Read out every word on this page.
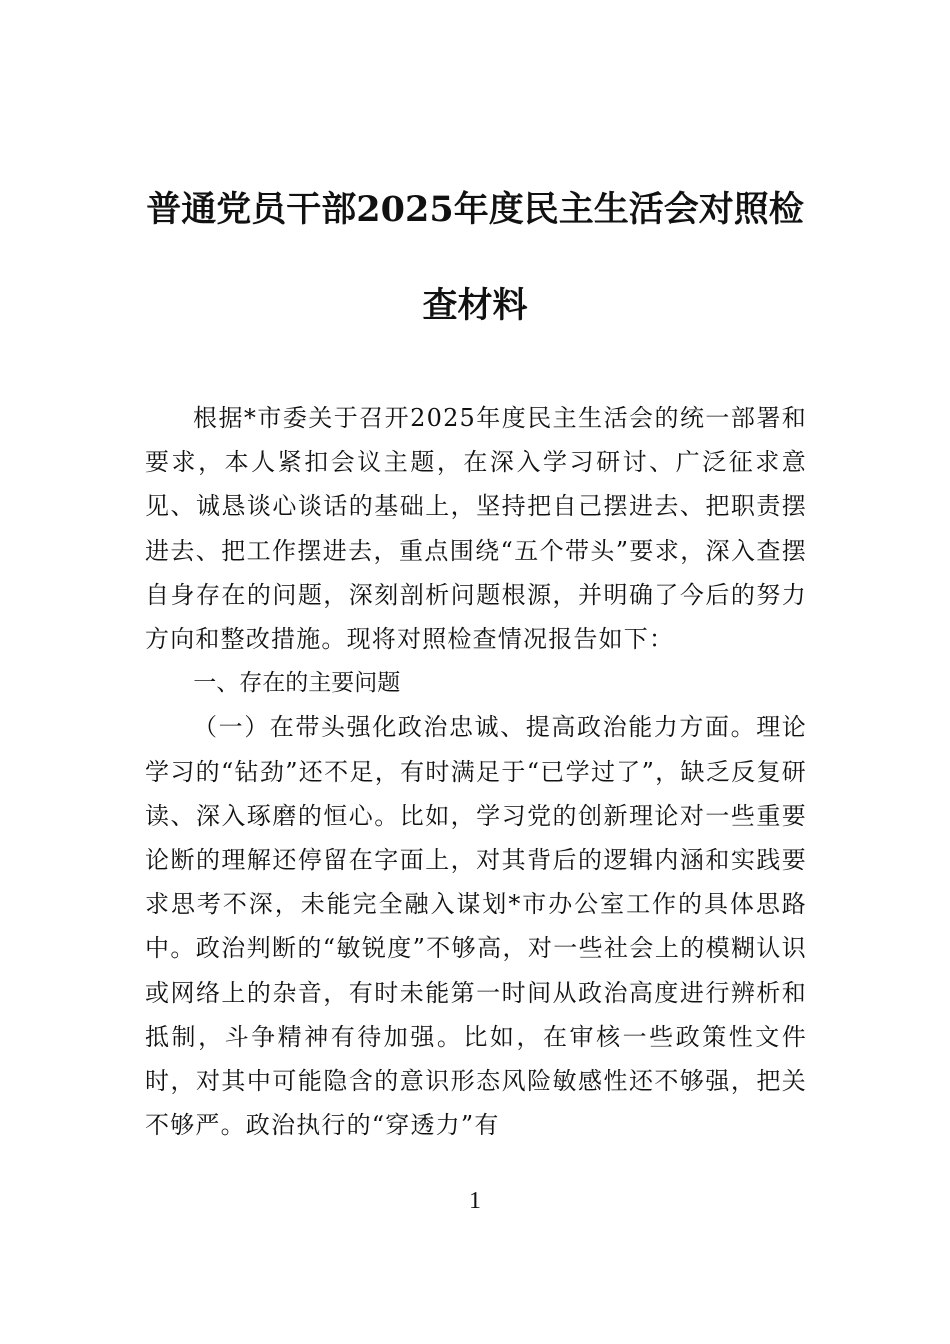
普通党员干部2025年度民主生活会对照检查材料

根据*市委关于召开2025年度民主生活会的统一部署和要求，本人紧扣会议主题，在深入学习研讨、广泛征求意见、诚恳谈心谈话的基础上，坚持把自己摆进去、把职责摆进去、把工作摆进去，重点围绕“五个带头”要求，深入查摆自身存在的问题，深刻剖析问题根源，并明确了今后的努力方向和整改措施。现将对照检查情况报告如下：

一、存在的主要问题

（一）在带头强化政治忠诚、提高政治能力方面。理论学习的“钻劲”还不足，有时满足于“已学过了”，缺乏反复研读、深入琢磨的恒心。比如，学习党的创新理论对一些重要论断的理解还停留在字面上，对其背后的逻辑内涵和实践要求思考不深，未能完全融入谋划*市办公室工作的具体思路中。政治判断的“敏锐度”不够高，对一些社会上的模糊认识或网络上的杂音，有时未能第一时间从政治高度进行辨析和抵制，斗争精神有待加强。比如，在审核一些政策性文件时，对其中可能隐含的意识形态风险敏感性还不够强，把关不够严。政治执行的“穿透力”有

1
